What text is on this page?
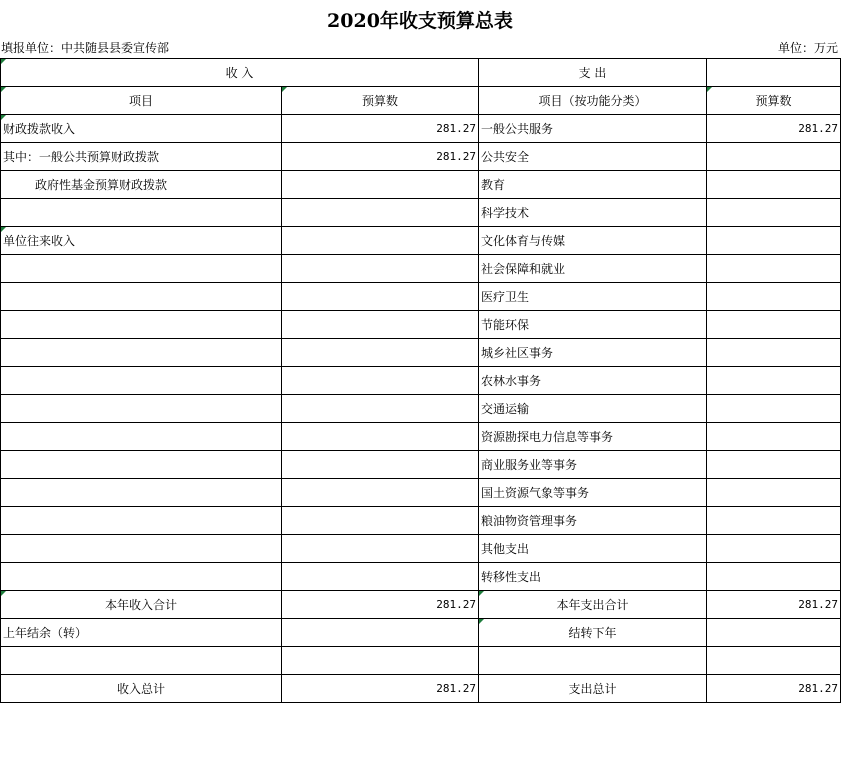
2020年收支预算总表
填报单位：中共随县县委宣传部	单位：万元
收 入		支 出	
项目	预算数	项目（按功能分类）	预算数
财政拨款收入	281.27	一般公共服务	281.27
其中：一般公共预算财政拨款	281.27	公共安全	
政府性基金预算财政拨款		教育	
		科学技术	
单位往来收入		文化体育与传媒	
		社会保障和就业	
		医疗卫生	
		节能环保	
		城乡社区事务	
		农林水事务	
		交通运输	
		资源勘探电力信息等事务	
		商业服务业等事务	
		国土资源气象等事务	
		粮油物资管理事务	
		其他支出	
		转移性支出	
本年收入合计	281.27	本年支出合计	281.27
上年结余（转）		结转下年	

收入总计	281.27	支出总计	281.27
